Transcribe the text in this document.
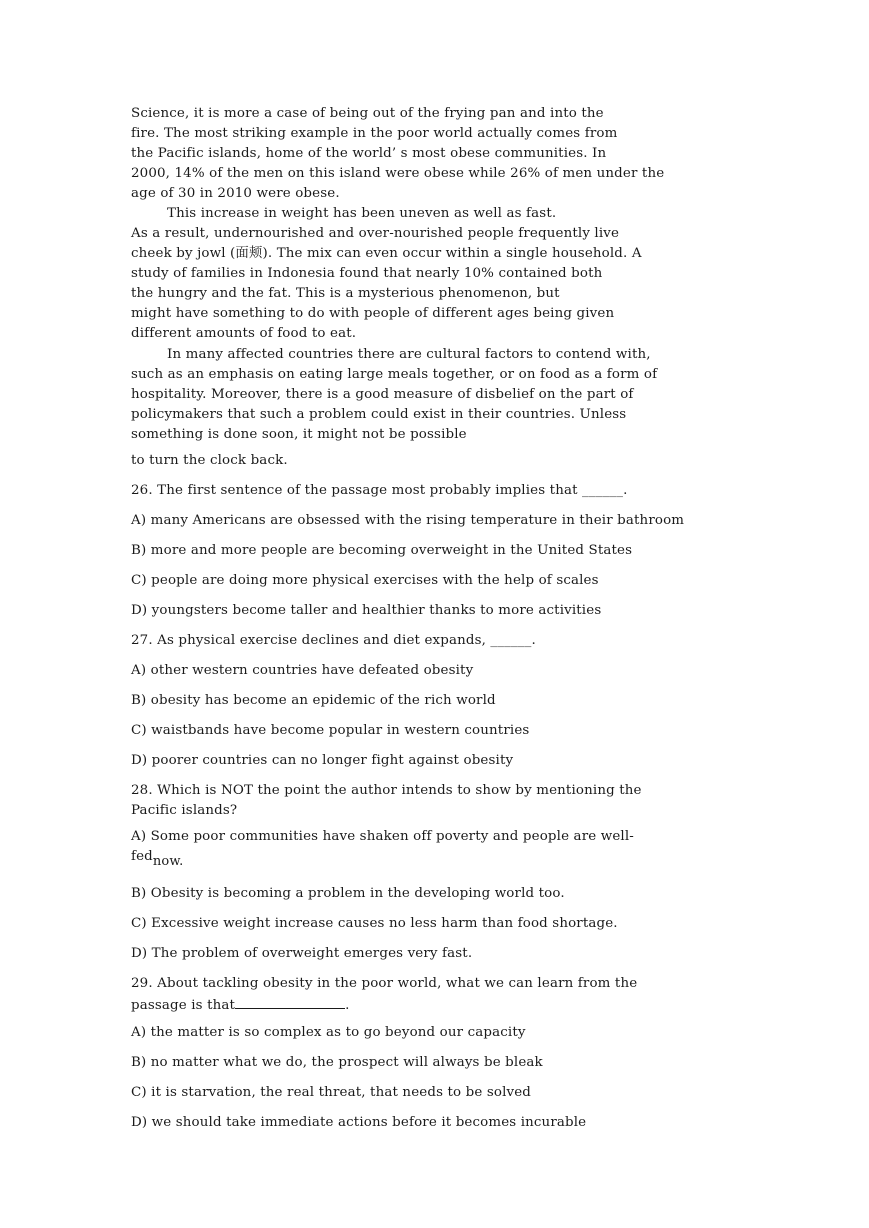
Science, it is more a case of being out of the frying pan and into the
fire. The most striking example in the poor world actually comes from
the Pacific islands, home of the world’ s most obese communities. In
2000, 14% of the men on this island were obese while 26% of men under the
age of 30 in 2010 were obese.
This increase in weight has been uneven as well as fast.
As a result, undernourished and over-nourished people frequently live
cheek by jowl (面颊). The mix can even occur within a single household. A
study of families in Indonesia found that nearly 10% contained both
the hungry and the fat. This is a mysterious phenomenon, but
might have something to do with people of different ages being given
different amounts of food to eat.
In many affected countries there are cultural factors to contend with,
such as an emphasis on eating large meals together, or on food as a form of
hospitality. Moreover, there is a good measure of disbelief on the part of
policymakers that such a problem could exist in their countries. Unless
something is done soon, it might not be possible
to turn the clock back.

26. The first sentence of the passage most probably implies that ______.

A) many Americans are obsessed with the rising temperature in their bathroom

B) more and more people are becoming overweight in the United States

C) people are doing more physical exercises with the help of scales

D) youngsters become taller and healthier thanks to more activities

27. As physical exercise declines and diet expands, ______.

A) other western countries have defeated obesity

B) obesity has become an epidemic of the rich world

C) waistbands have become popular in western countries

D) poorer countries can no longer fight against obesity

28. Which is NOT the point the author intends to show by mentioning the
Pacific islands?

A) Some poor communities have shaken off poverty and people are well-
fednow.

B) Obesity is becoming a problem in the developing world too.

C) Excessive weight increase causes no less harm than food shortage.

D) The problem of overweight emerges very fast.

29. About tackling obesity in the poor world, what we can learn from the
passage is that	.

A) the matter is so complex as to go beyond our capacity

B) no matter what we do, the prospect will always be bleak

C) it is starvation, the real threat, that needs to be solved

D) we should take immediate actions before it becomes incurable
